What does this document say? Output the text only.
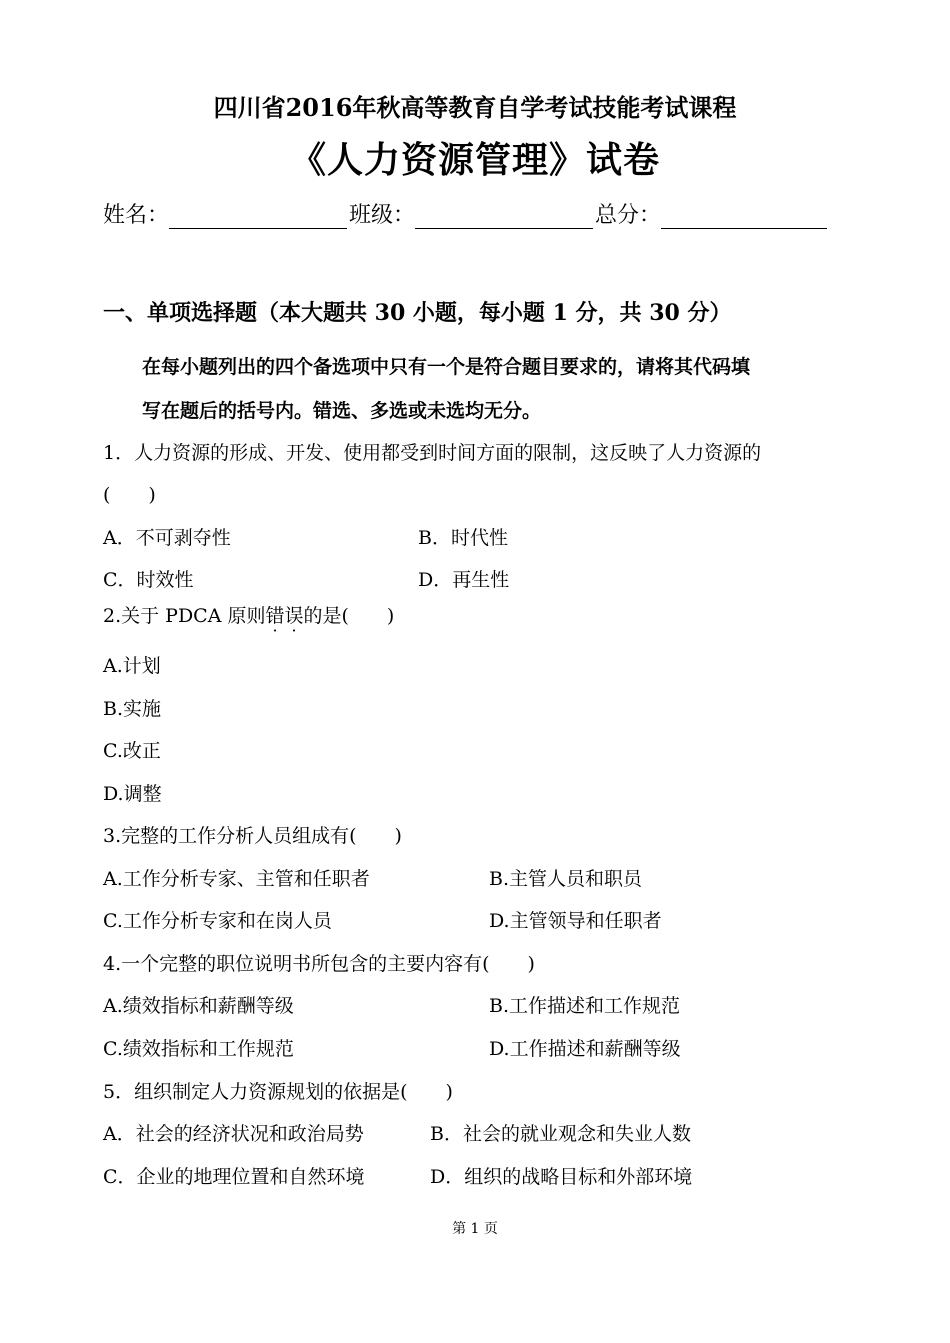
四川省2016年秋高等教育自学考试技能考试课程
《人力资源管理》试卷
姓名：	班级：	总分：
一、单项选择题（本大题共 30 小题，每小题 1 分，共 30 分）
在每小题列出的四个备选项中只有一个是符合题目要求的，请将其代码填
写在题后的括号内。错选、多选或未选均无分。
1．人力资源的形成、开发、使用都受到时间方面的限制，这反映了人力资源的
(　　)
A．不可剥夺性	B．时代性
C．时效性	D．再生性
2.关于 PDCA 原则错误的是(　　)
A.计划
B.实施
C.改正
D.调整
3.完整的工作分析人员组成有(　　)
A.工作分析专家、主管和任职者	B.主管人员和职员
C.工作分析专家和在岗人员	D.主管领导和任职者
4.一个完整的职位说明书所包含的主要内容有(　　)
A.绩效指标和薪酬等级	B.工作描述和工作规范
C.绩效指标和工作规范	D.工作描述和薪酬等级
5．组织制定人力资源规划的依据是(　　)
A．社会的经济状况和政治局势	B．社会的就业观念和失业人数
C．企业的地理位置和自然环境	D．组织的战略目标和外部环境
第 1 页
